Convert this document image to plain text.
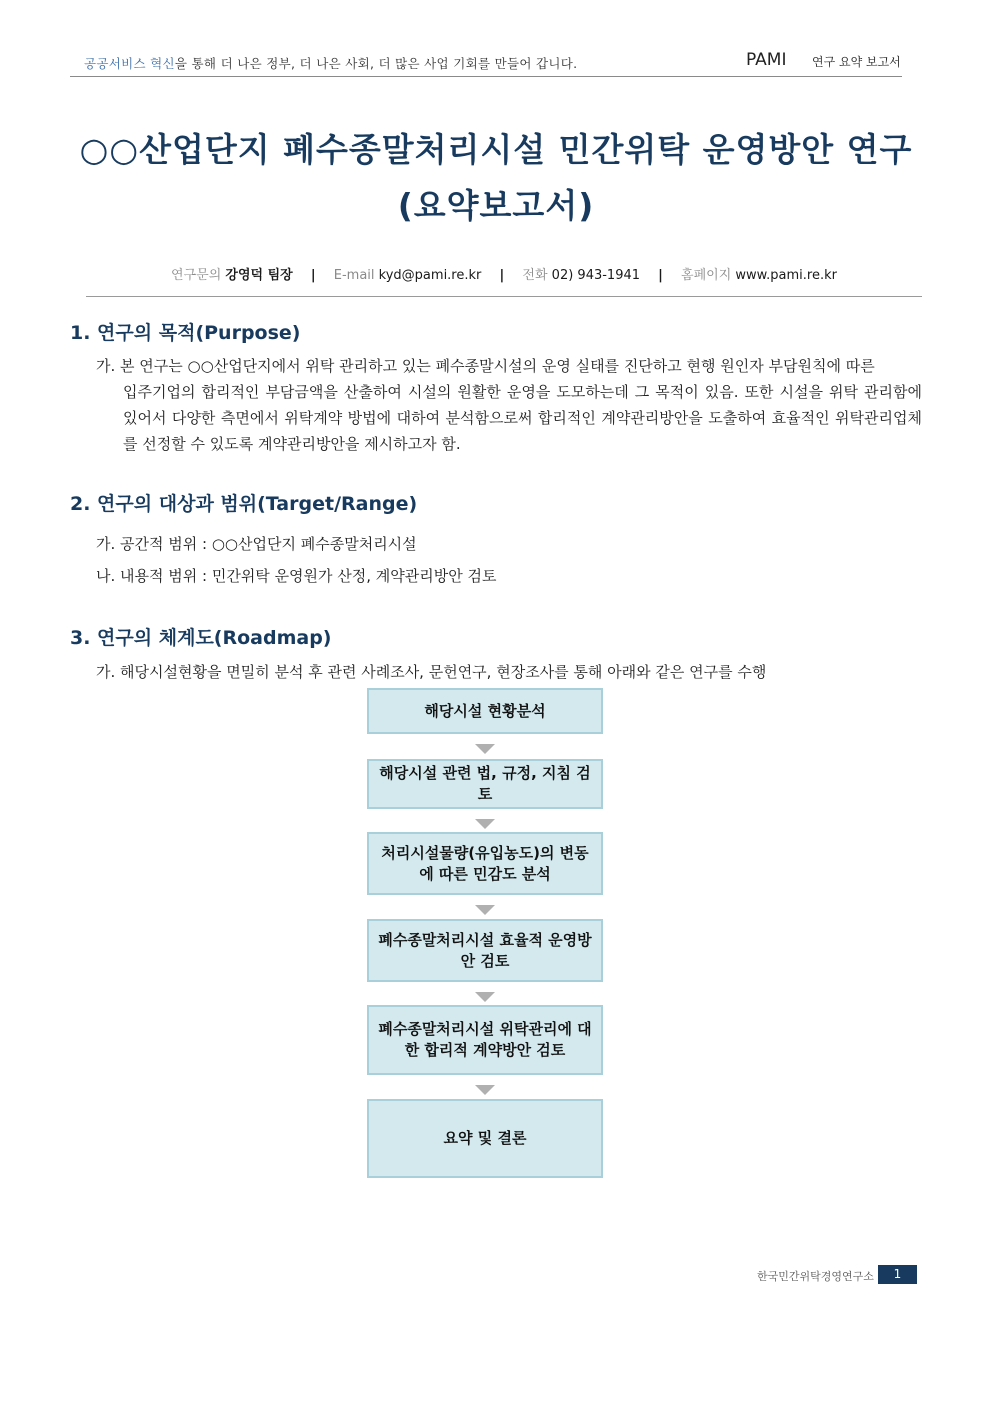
공공서비스 혁신을 통해 더 나은 정부, 더 나은 사회, 더 많은 사업 기회를 만들어 갑니다.	PAMI 연구 요약 보고서
○○산업단지 폐수종말처리시설 민간위탁 운영방안 연구
(요약보고서)
연구문의 강영덕 팀장 | E-mail kyd@pami.re.kr | 전화 02) 943-1941 | 홈페이지 www.pami.re.kr
1. 연구의 목적(Purpose)
가. 본 연구는 ○○산업단지에서 위탁 관리하고 있는 폐수종말시설의 운영 실태를 진단하고 현행 원인자 부담원칙에 따른
입주기업의 합리적인 부담금액을 산출하여 시설의 원활한 운영을 도모하는데 그 목적이 있음. 또한 시설을 위탁 관리함에 있어서 다양한 측면에서 위탁계약 방법에 대하여 분석함으로써 합리적인 계약관리방안을 도출하여 효율적인 위탁관리업체를 선정할 수 있도록 계약관리방안을 제시하고자 함.
2. 연구의 대상과 범위(Target/Range)
가. 공간적 범위 : ○○산업단지 폐수종말처리시설
나. 내용적 범위 : 민간위탁 운영원가 산정, 계약관리방안 검토
3. 연구의 체계도(Roadmap)
가. 해당시설현황을 면밀히 분석 후 관련 사례조사, 문헌연구, 현장조사를 통해 아래와 같은 연구를 수행
해당시설 현황분석
해당시설 관련 법, 규정, 지침 검토
처리시설물량(유입농도)의 변동에 따른 민감도 분석
폐수종말처리시설 효율적 운영방안 검토
폐수종말처리시설 위탁관리에 대한 합리적 계약방안 검토
요약 및 결론
한국민간위탁경영연구소	1
